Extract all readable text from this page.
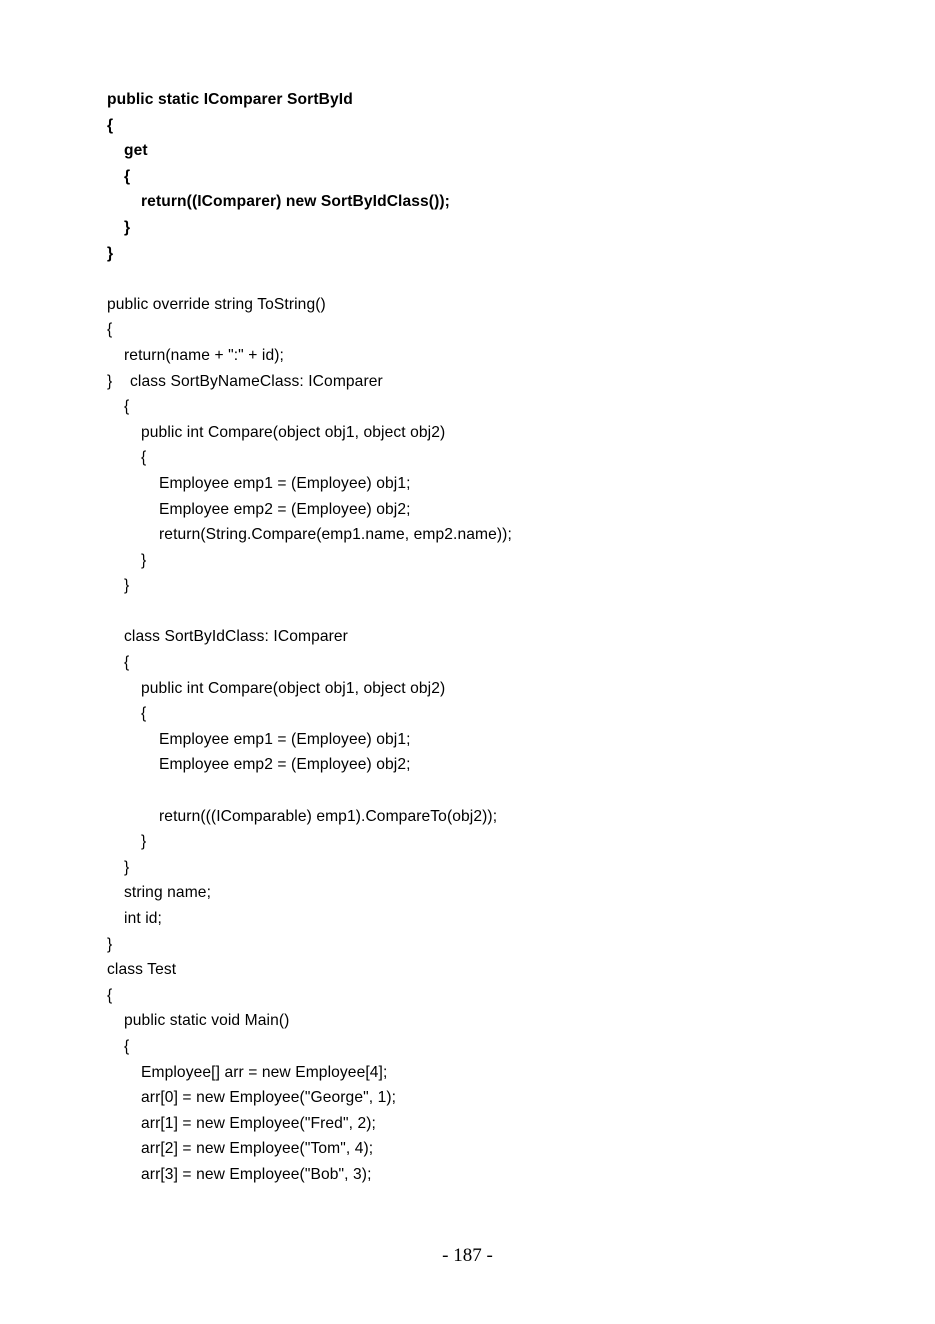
public static IComparer SortById
{
get
{
return((IComparer) new SortByIdClass());
}
}
public override string ToString()
{
return(name + ":" + id);
}    class SortByNameClass: IComparer
{
public int Compare(object obj1, object obj2)
{
Employee emp1 = (Employee) obj1;
Employee emp2 = (Employee) obj2;
return(String.Compare(emp1.name, emp2.name));
}
}
class SortByIdClass: IComparer
{
public int Compare(object obj1, object obj2)
{
Employee emp1 = (Employee) obj1;
Employee emp2 = (Employee) obj2;
return(((IComparable) emp1).CompareTo(obj2));
}
}
string name;
int id;
}
class Test
{
public static void Main()
{
Employee[] arr = new Employee[4];
arr[0] = new Employee("George", 1);
arr[1] = new Employee("Fred", 2);
arr[2] = new Employee("Tom", 4);
arr[3] = new Employee("Bob", 3);
- 187 -
